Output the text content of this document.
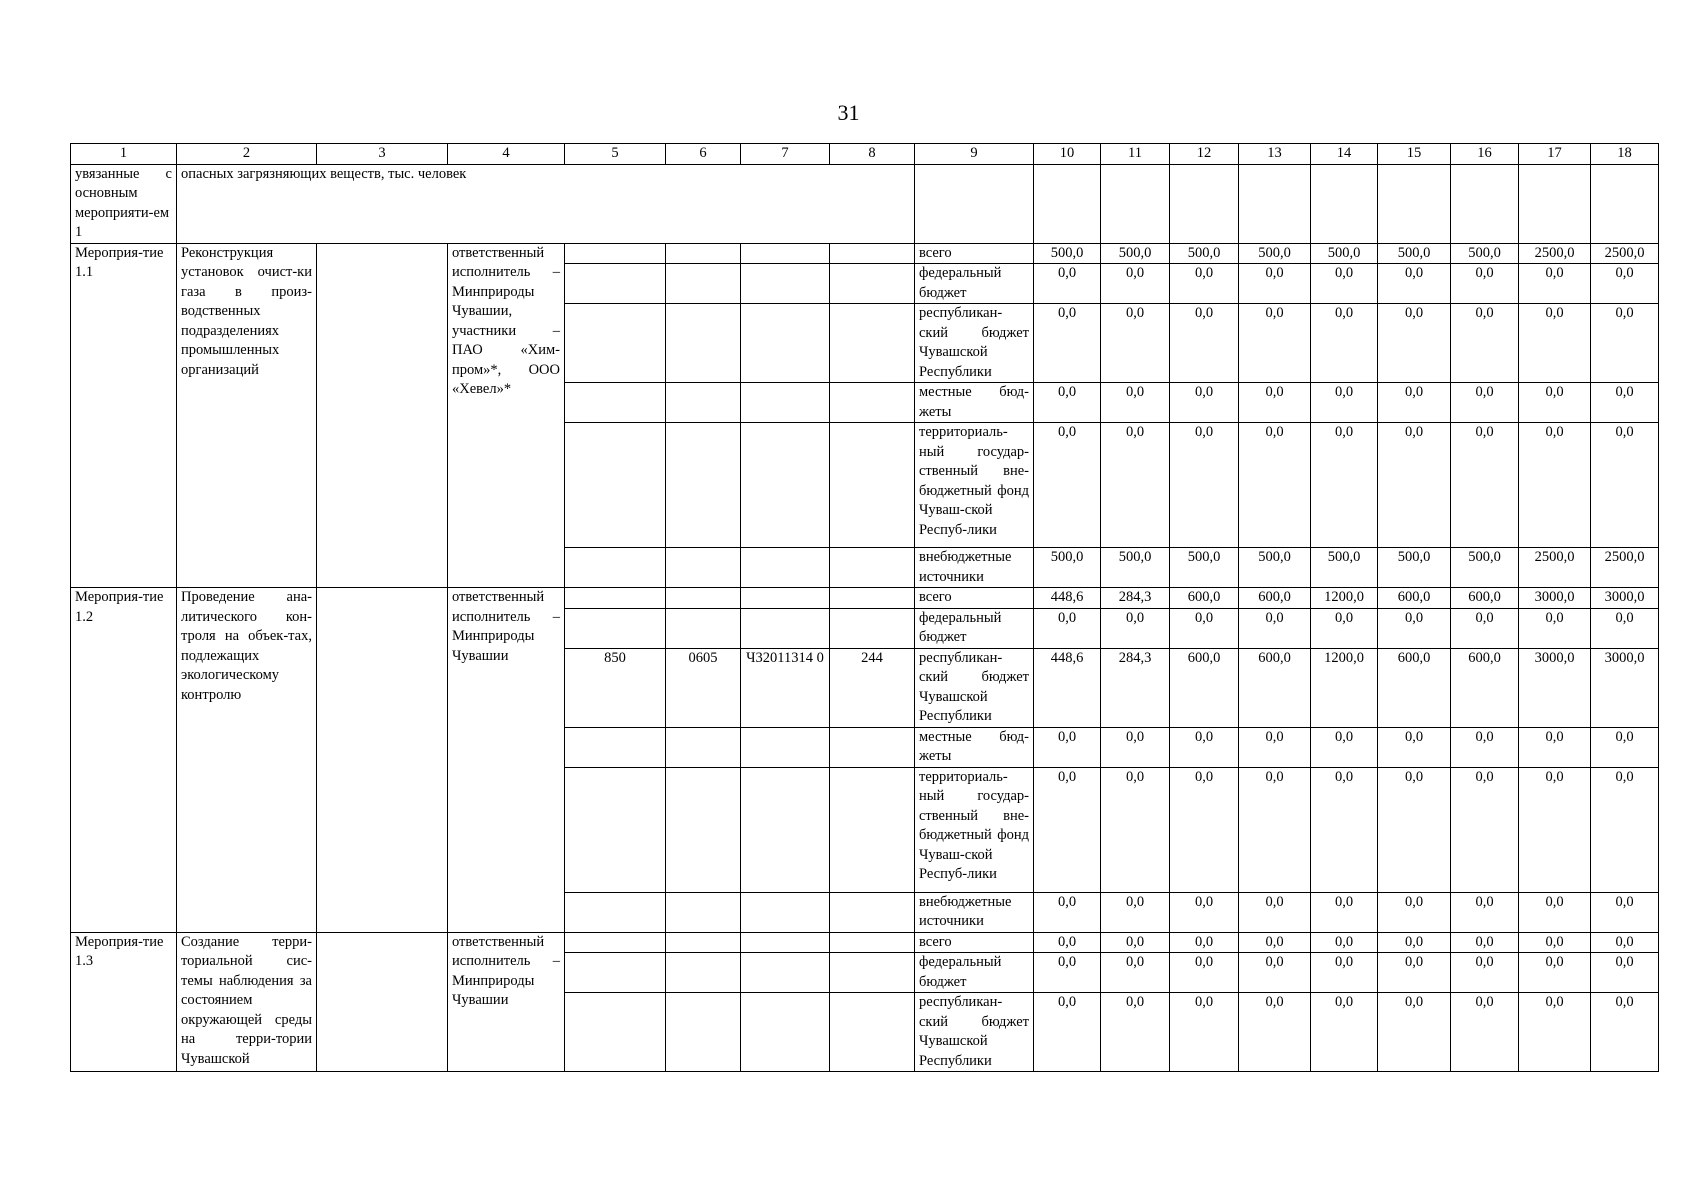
31
1	2	3	4	5	6	7	8	9	10	11	12	13	14	15	16	17	18
увязанные с основным мероприяти-ем 1	опасных загрязняющих веществ, тыс. человек																
Мероприя-тие 1.1	Реконструкция установок очист-ки газа в произ-водственных подразделениях промышленных организаций		ответственный исполнитель – Минприроды Чувашии, участники – ПАО «Хим-пром»*, ООО «Хевел»*					всего	500,0	500,0	500,0	500,0	500,0	500,0	500,0	2500,0	2500,0
								федеральный бюджет	0,0	0,0	0,0	0,0	0,0	0,0	0,0	0,0	0,0
								республикан-ский бюджет Чувашской Республики	0,0	0,0	0,0	0,0	0,0	0,0	0,0	0,0	0,0
								местные бюд-жеты	0,0	0,0	0,0	0,0	0,0	0,0	0,0	0,0	0,0
								территориаль-ный государ-ственный вне-бюджетный фонд Чуваш-ской Респуб-лики	0,0	0,0	0,0	0,0	0,0	0,0	0,0	0,0	0,0
								внебюджетные источники	500,0	500,0	500,0	500,0	500,0	500,0	500,0	2500,0	2500,0
Мероприя-тие 1.2	Проведение ана-литического кон-троля на объек-тах, подлежащих экологическому контролю		ответственный исполнитель – Минприроды Чувашии					всего	448,6	284,3	600,0	600,0	1200,0	600,0	600,0	3000,0	3000,0
								федеральный бюджет	0,0	0,0	0,0	0,0	0,0	0,0	0,0	0,0	0,0
				850	0605	Ч32011314 0	244	республикан-ский бюджет Чувашской Республики	448,6	284,3	600,0	600,0	1200,0	600,0	600,0	3000,0	3000,0
								местные бюд-жеты	0,0	0,0	0,0	0,0	0,0	0,0	0,0	0,0	0,0
								территориаль-ный государ-ственный вне-бюджетный фонд Чуваш-ской Респуб-лики	0,0	0,0	0,0	0,0	0,0	0,0	0,0	0,0	0,0
								внебюджетные источники	0,0	0,0	0,0	0,0	0,0	0,0	0,0	0,0	0,0
Мероприя-тие 1.3	Создание терри-ториальной сис-темы наблюдения за состоянием окружающей среды на терри-тории Чувашской		ответственный исполнитель – Минприроды Чувашии					всего	0,0	0,0	0,0	0,0	0,0	0,0	0,0	0,0	0,0
								федеральный бюджет	0,0	0,0	0,0	0,0	0,0	0,0	0,0	0,0	0,0
								республикан-ский бюджет Чувашской Республики	0,0	0,0	0,0	0,0	0,0	0,0	0,0	0,0	0,0
